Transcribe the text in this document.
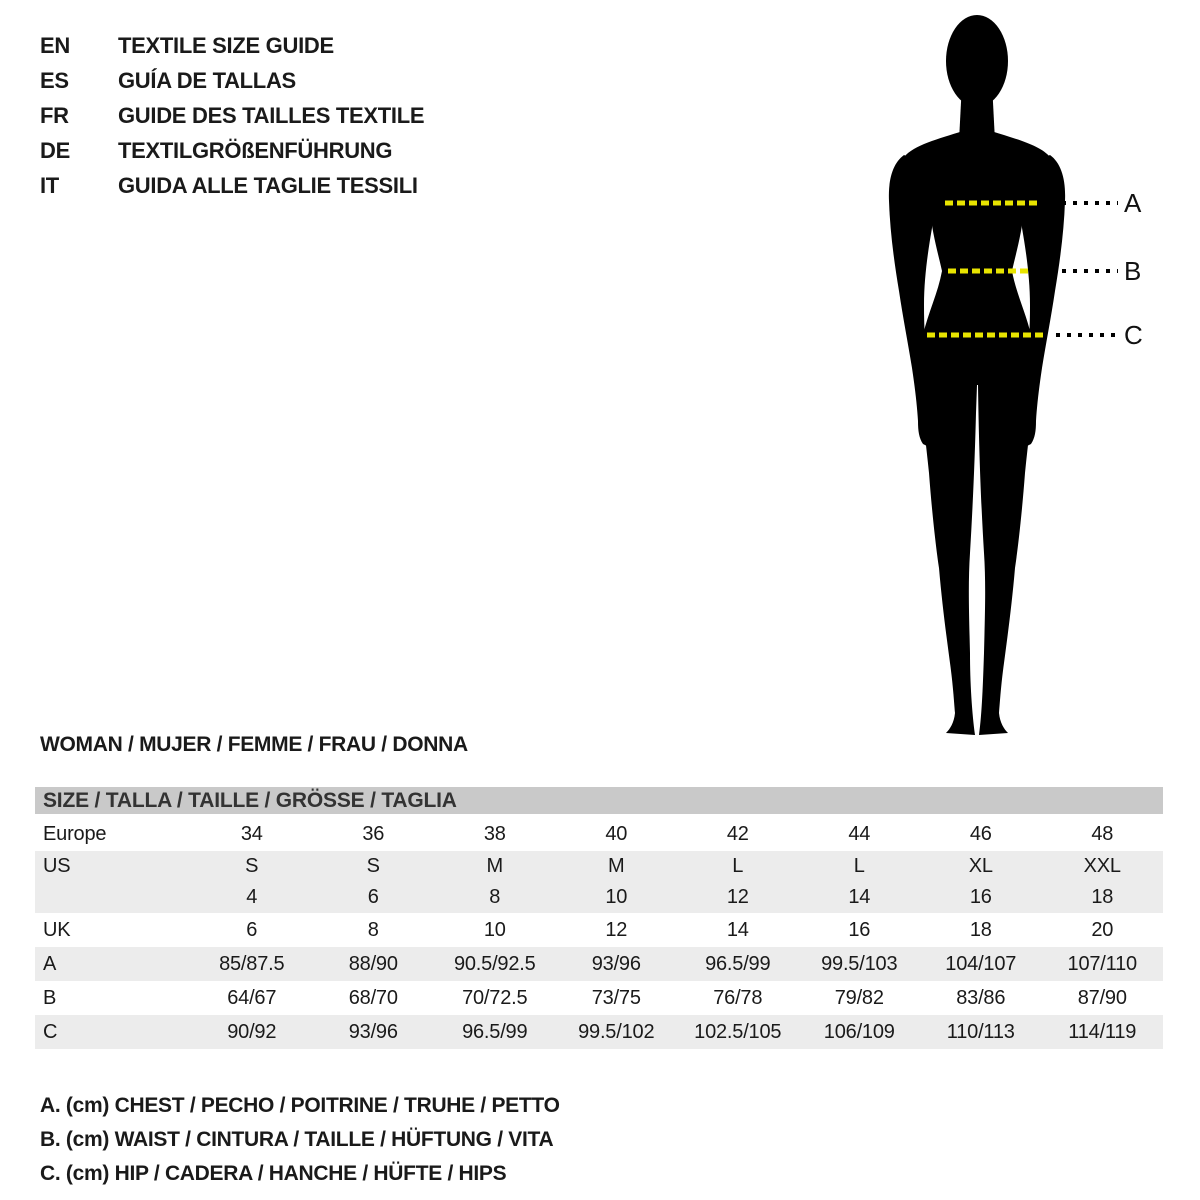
EN	TEXTILE SIZE GUIDE
ES	GUÍA DE TALLAS
FR	GUIDE DES TAILLES TEXTILE
DE	TEXTILGRÖßENFÜHRUNG
IT	GUIDA ALLE TAGLIE TESSILI
A
B
C
WOMAN / MUJER / FEMME / FRAU / DONNA
SIZE / TALLA / TAILLE / GRÖSSE / TAGLIA
Europe	34	36	38	40	42	44	46	48
US	S	S	M	M	L	L	XL	XXL
4	6	8	10	12	14	16	18
UK	6	8	10	12	14	16	18	20
A	85/87.5	88/90	90.5/92.5	93/96	96.5/99	99.5/103	104/107	107/110
B	64/67	68/70	70/72.5	73/75	76/78	79/82	83/86	87/90
C	90/92	93/96	96.5/99	99.5/102	102.5/105	106/109	110/113	114/119
A. (cm) CHEST / PECHO / POITRINE / TRUHE / PETTO
B. (cm) WAIST / CINTURA / TAILLE / HÜFTUNG / VITA
C. (cm) HIP / CADERA / HANCHE / HÜFTE / HIPS
